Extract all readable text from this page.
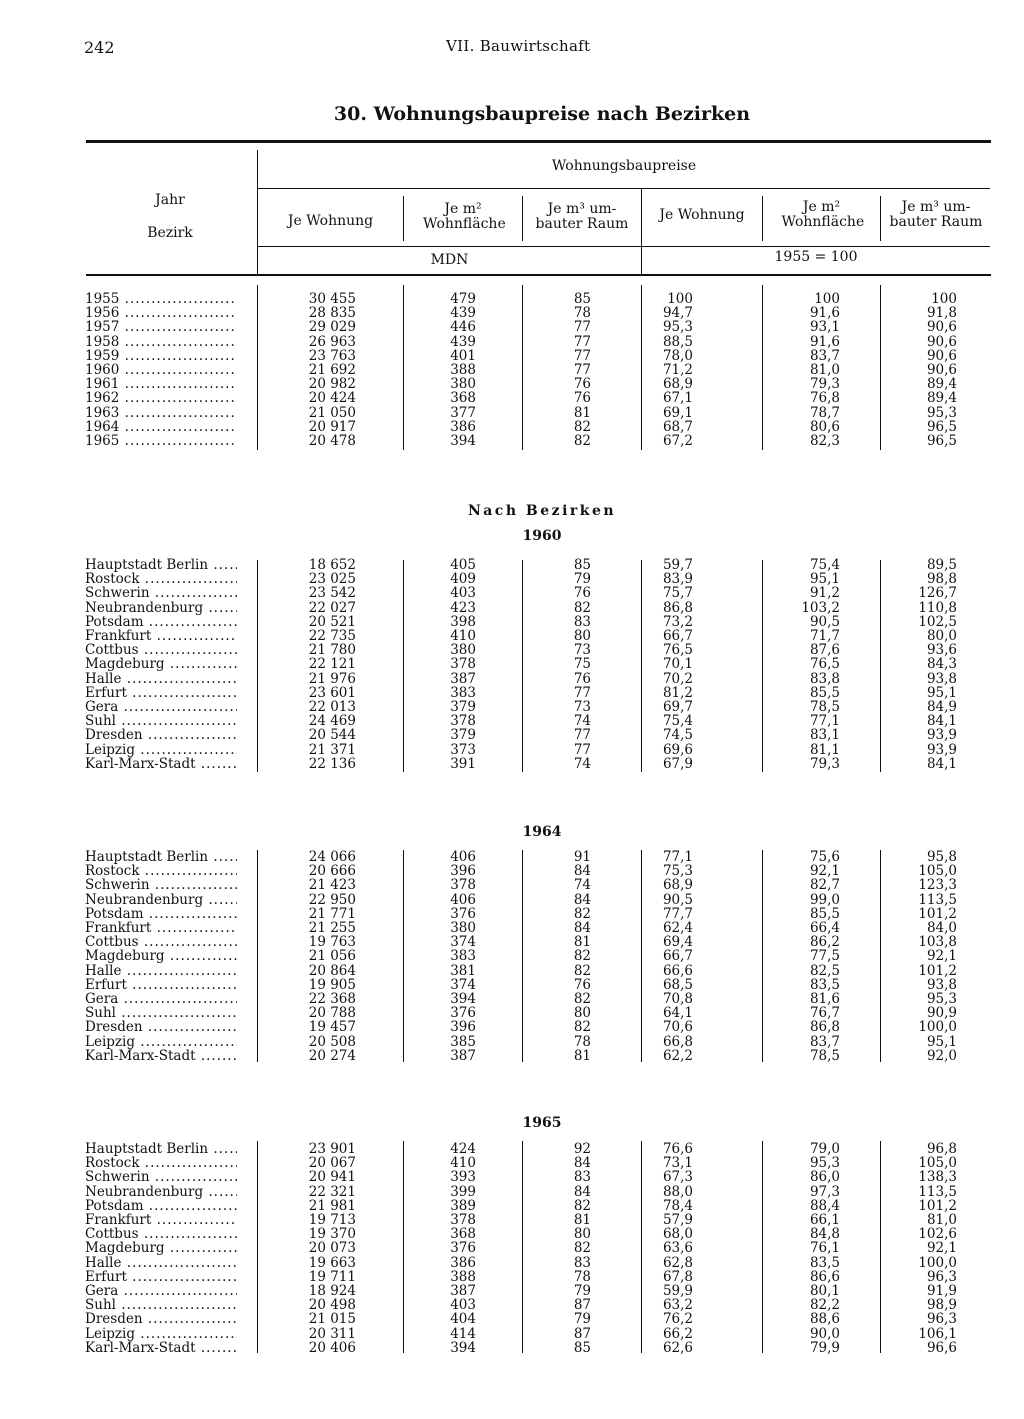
242	VII. Bauwirtschaft
30. Wohnungsbaupreise nach Bezirken
Jahr
Bezirk
Wohnungsbaupreise
Je Wohnung
Je m² Wohnfläche
Je m³ um-
bauter Raum
Je Wohnung	Je m² Wohnfläche
Je m³ um-
bauter Raum
MDN	1955 = 100
1955 .....	30 455	479	85	100	100	100
1956 .....	28 835	439	78	94,7	91,6	91,8
1957 .....	29 029	446	77	95,3	93,1	90,6
1958 .....	26 963	439	77	88,5	91,6	90,6
1959 .....	23 763	401	77	78,0	83,7	90,6
1960 .....	21 692	388	77	71,2	81,0	90,6
1961 .....	20 982	380	76	68,9	79,3	89,4
1962 .....	20 424	368	76	67,1	76,8	89,4
1963 .....	21 050	377	81	69,1	78,7	95,3
1964 .....	20 917	386	82	68,7	80,6	96,5
1965 .....	20 478	394	82	67,2	82,3	96,5
Nach Bezirken
1960
Hauptstadt Berlin .....	18 652	405	85	59,7	75,4	89,5
Rostock .....	23 025	409	79	83,9	95,1	98,8
Schwerin .....	23 542	403	76	75,7	91,2	126,7
Neubrandenburg .....	22 027	423	82	86,8	103,2	110,8
Potsdam .....	20 521	398	83	73,2	90,5	102,5
Frankfurt .....	22 735	410	80	66,7	71,7	80,0
Cottbus .....	21 780	380	73	76,5	87,6	93,6
Magdeburg .....	22 121	378	75	70,1	76,5	84,3
Halle .....	21 976	387	76	70,2	83,8	93,8
Erfurt .....	23 601	383	77	81,2	85,5	95,1
Gera .....	22 013	379	73	69,7	78,5	84,9
Suhl .....	24 469	378	74	75,4	77,1	84,1
Dresden .....	20 544	379	77	74,5	83,1	93,9
Leipzig .....	21 371	373	77	69,6	81,1	93,9
Karl-Marx-Stadt .....	22 136	391	74	67,9	79,3	84,1
1964
Hauptstadt Berlin .....	24 066	406	91	77,1	75,6	95,8
Rostock .....	20 666	396	84	75,3	92,1	105,0
Schwerin .....	21 423	378	74	68,9	82,7	123,3
Neubrandenburg .....	22 950	406	84	90,5	99,0	113,5
Potsdam .....	21 771	376	82	77,7	85,5	101,2
Frankfurt .....	21 255	380	84	62,4	66,4	84,0
Cottbus .....	19 763	374	81	69,4	86,2	103,8
Magdeburg .....	21 056	383	82	66,7	77,5	92,1
Halle .....	20 864	381	82	66,6	82,5	101,2
Erfurt .....	19 905	374	76	68,5	83,5	93,8
Gera .....	22 368	394	82	70,8	81,6	95,3
Suhl .....	20 788	376	80	64,1	76,7	90,9
Dresden .....	19 457	396	82	70,6	86,8	100,0
Leipzig .....	20 508	385	78	66,8	83,7	95,1
Karl-Marx-Stadt .....	20 274	387	81	62,2	78,5	92,0
1965
Hauptstadt Berlin .....	23 901	424	92	76,6	79,0	96,8
Rostock .....	20 067	410	84	73,1	95,3	105,0
Schwerin .....	20 941	393	83	67,3	86,0	138,3
Neubrandenburg .....	22 321	399	84	88,0	97,3	113,5
Potsdam .....	21 981	389	82	78,4	88,4	101,2
Frankfurt .....	19 713	378	81	57,9	66,1	81,0
Cottbus .....	19 370	368	80	68,0	84,8	102,6
Magdeburg .....	20 073	376	82	63,6	76,1	92,1
Halle .....	19 663	386	83	62,8	83,5	100,0
Erfurt .....	19 711	388	78	67,8	86,6	96,3
Gera .....	18 924	387	79	59,9	80,1	91,9
Suhl .....	20 498	403	87	63,2	82,2	98,9
Dresden .....	21 015	404	79	76,2	88,6	96,3
Leipzig .....	20 311	414	87	66,2	90,0	106,1
Karl-Marx-Stadt .....	20 406	394	85	62,6	79,9	96,6
